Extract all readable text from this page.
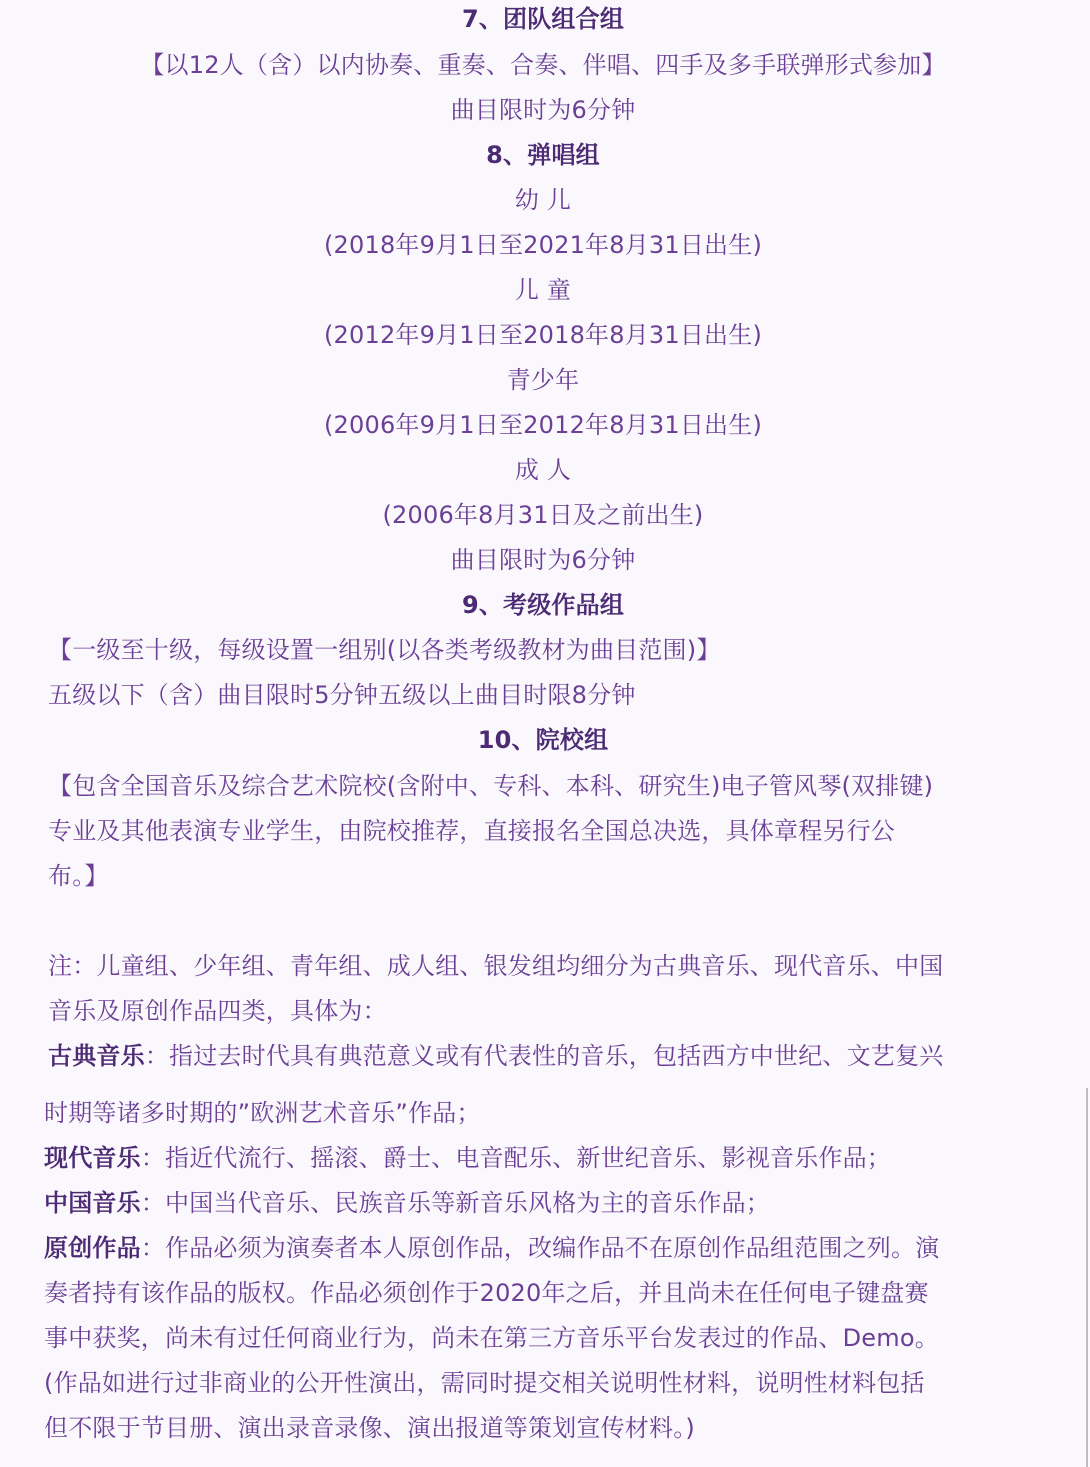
7、团队组合组
【以12人（含）以内协奏、重奏、合奏、伴唱、四手及多手联弹形式参加】
曲目限时为6分钟
8、弹唱组
幼 儿
(2018年9月1日至2021年8月31日出生)
儿 童
(2012年9月1日至2018年8月31日出生)
青少年
(2006年9月1日至2012年8月31日出生)
成 人
(2006年8月31日及之前出生)
曲目限时为6分钟
9、考级作品组
【一级至十级，每级设置一组别(以各类考级教材为曲目范围)】
五级以下（含）曲目限时5分钟五级以上曲目时限8分钟
10、院校组
【包含全国音乐及综合艺术院校(含附中、专科、本科、研究生)电子管风琴(双排键)
专业及其他表演专业学生，由院校推荐，直接报名全国总决选，具体章程另行公
布。】
注：儿童组、少年组、青年组、成人组、银发组均细分为古典音乐、现代音乐、中国
音乐及原创作品四类，具体为：
古典音乐：指过去时代具有典范意义或有代表性的音乐，包括西方中世纪、文艺复兴
时期等诸多时期的”欧洲艺术音乐”作品；
现代音乐：指近代流行、摇滚、爵士、电音配乐、新世纪音乐、影视音乐作品；
中国音乐：中国当代音乐、民族音乐等新音乐风格为主的音乐作品；
原创作品：作品必须为演奏者本人原创作品，改编作品不在原创作品组范围之列。演
奏者持有该作品的版权。作品必须创作于2020年之后，并且尚未在任何电子键盘赛
事中获奖，尚未有过任何商业行为，尚未在第三方音乐平台发表过的作品、Demo。
(作品如进行过非商业的公开性演出，需同时提交相关说明性材料，说明性材料包括
但不限于节目册、演出录音录像、演出报道等策划宣传材料。)
